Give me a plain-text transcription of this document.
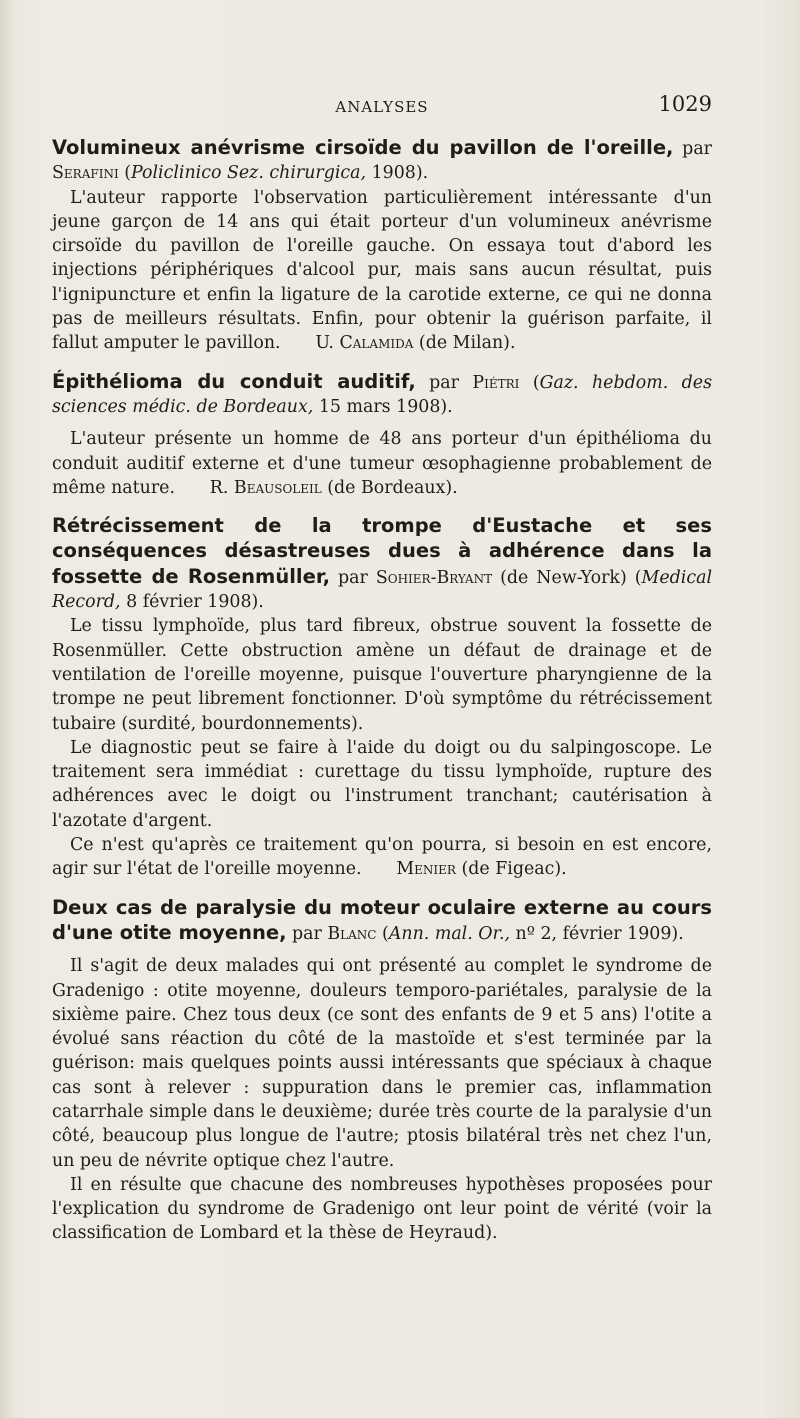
ANALYSES	1029
Volumineux anévrisme cirsoïde du pavillon de l'oreille, par Serafini (Policlinico Sez. chirurgica, 1908).

L'auteur rapporte l'observation particulièrement intéressante d'un jeune garçon de 14 ans qui était porteur d'un volumineux anévrisme cirsoïde du pavillon de l'oreille gauche. On essaya tout d'abord les injections périphériques d'alcool pur, mais sans aucun résultat, puis l'ignipuncture et enfin la ligature de la carotide externe, ce qui ne donna pas de meilleurs résultats. Enfin, pour obtenir la guérison parfaite, il fallut amputer le pavillon.   U. Calamida (de Milan).

Épithélioma du conduit auditif, par Piétri (Gaz. hebdom. des sciences médic. de Bordeaux, 15 mars 1908).

L'auteur présente un homme de 48 ans porteur d'un épithélioma du conduit auditif externe et d'une tumeur œsophagienne probablement de même nature.   R. Beausoleil (de Bordeaux).

Rétrécissement de la trompe d'Eustache et ses conséquences désastreuses dues à adhérence dans la fossette de Rosenmüller, par Sohier-Bryant (de New-York) (Medical Record, 8 février 1908).

Le tissu lymphoïde, plus tard fibreux, obstrue souvent la fossette de Rosenmüller. Cette obstruction amène un défaut de drainage et de ventilation de l'oreille moyenne, puisque l'ouverture pharyngienne de la trompe ne peut librement fonctionner. D'où symptôme du rétrécissement tubaire (surdité, bourdonnements).

Le diagnostic peut se faire à l'aide du doigt ou du salpingoscope. Le traitement sera immédiat : curettage du tissu lymphoïde, rupture des adhérences avec le doigt ou l'instrument tranchant; cautérisation à l'azotate d'argent.

Ce n'est qu'après ce traitement qu'on pourra, si besoin en est encore, agir sur l'état de l'oreille moyenne.   Menier (de Figeac).

Deux cas de paralysie du moteur oculaire externe au cours d'une otite moyenne, par Blanc (Ann. mal. Or., nº 2, février 1909).

Il s'agit de deux malades qui ont présenté au complet le syndrome de Gradenigo : otite moyenne, douleurs temporo-pariétales, paralysie de la sixième paire. Chez tous deux (ce sont des enfants de 9 et 5 ans) l'otite a évolué sans réaction du côté de la mastoïde et s'est terminée par la guérison: mais quelques points aussi intéressants que spéciaux à chaque cas sont à relever : suppuration dans le premier cas, inflammation catarrhale simple dans le deuxième; durée très courte de la paralysie d'un côté, beaucoup plus longue de l'autre; ptosis bilatéral très net chez l'un, un peu de névrite optique chez l'autre.

Il en résulte que chacune des nombreuses hypothèses proposées pour l'explication du syndrome de Gradenigo ont leur point de vérité (voir la classification de Lombard et la thèse de Heyraud).
